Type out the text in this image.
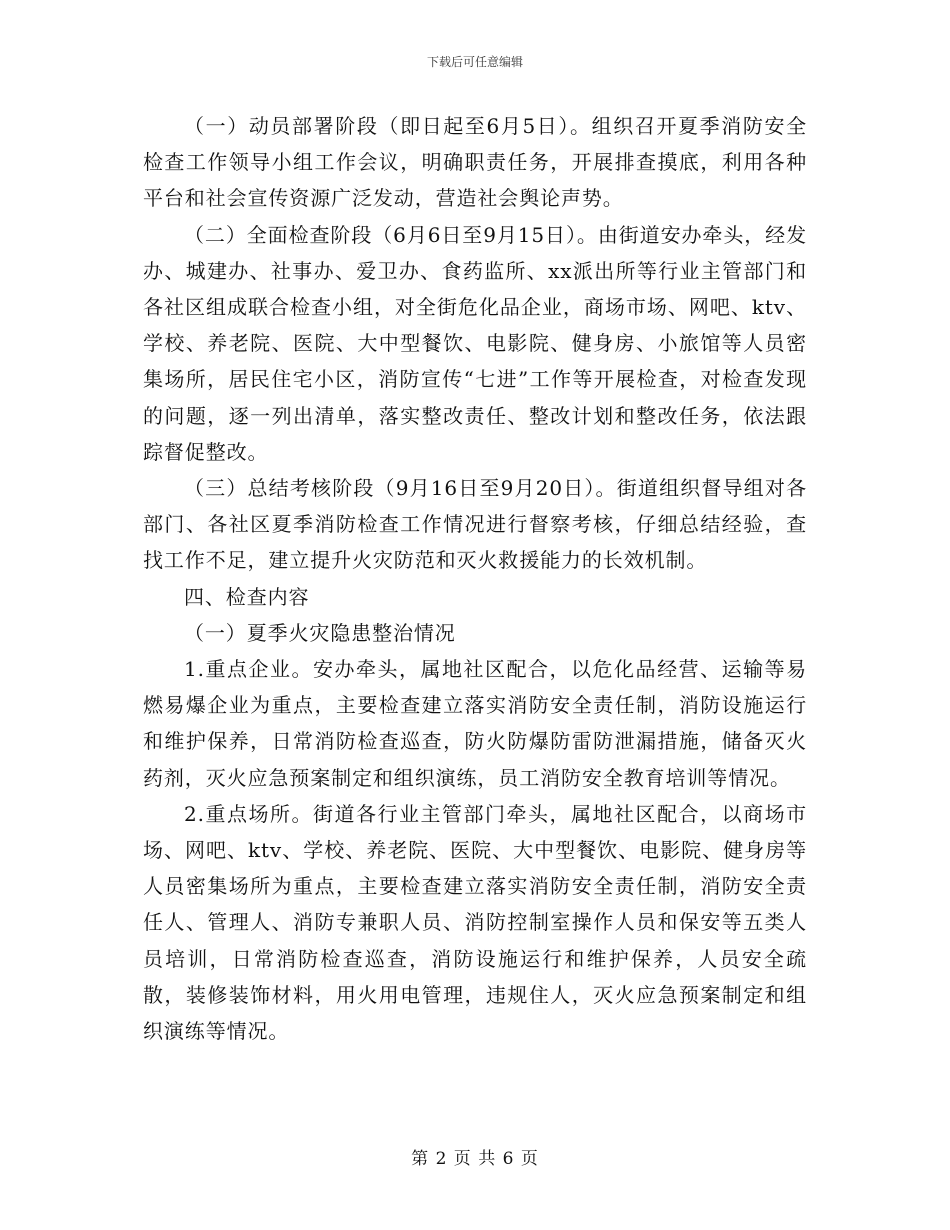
下载后可任意编辑

（一）动员部署阶段（即日起至6月5日）。组织召开夏季消防安全检查工作领导小组工作会议，明确职责任务，开展排查摸底，利用各种平台和社会宣传资源广泛发动，营造社会舆论声势。

（二）全面检查阶段（6月6日至9月15日）。由街道安办牵头，经发办、城建办、社事办、爱卫办、食药监所、xx派出所等行业主管部门和各社区组成联合检查小组，对全街危化品企业，商场市场、网吧、ktv、学校、养老院、医院、大中型餐饮、电影院、健身房、小旅馆等人员密集场所，居民住宅小区，消防宣传“七进”工作等开展检查，对检查发现的问题，逐一列出清单，落实整改责任、整改计划和整改任务，依法跟踪督促整改。

（三）总结考核阶段（9月16日至9月20日）。街道组织督导组对各部门、各社区夏季消防检查工作情况进行督察考核，仔细总结经验，查找工作不足，建立提升火灾防范和灭火救援能力的长效机制。

四、检查内容

（一）夏季火灾隐患整治情况

1.重点企业。安办牵头，属地社区配合，以危化品经营、运输等易燃易爆企业为重点，主要检查建立落实消防安全责任制，消防设施运行和维护保养，日常消防检查巡查，防火防爆防雷防泄漏措施，储备灭火药剂，灭火应急预案制定和组织演练，员工消防安全教育培训等情况。

2.重点场所。街道各行业主管部门牵头，属地社区配合，以商场市场、网吧、ktv、学校、养老院、医院、大中型餐饮、电影院、健身房等人员密集场所为重点，主要检查建立落实消防安全责任制，消防安全责任人、管理人、消防专兼职人员、消防控制室操作人员和保安等五类人员培训，日常消防检查巡查，消防设施运行和维护保养，人员安全疏散，装修装饰材料，用火用电管理，违规住人，灭火应急预案制定和组织演练等情况。

第 2 页 共 6 页
